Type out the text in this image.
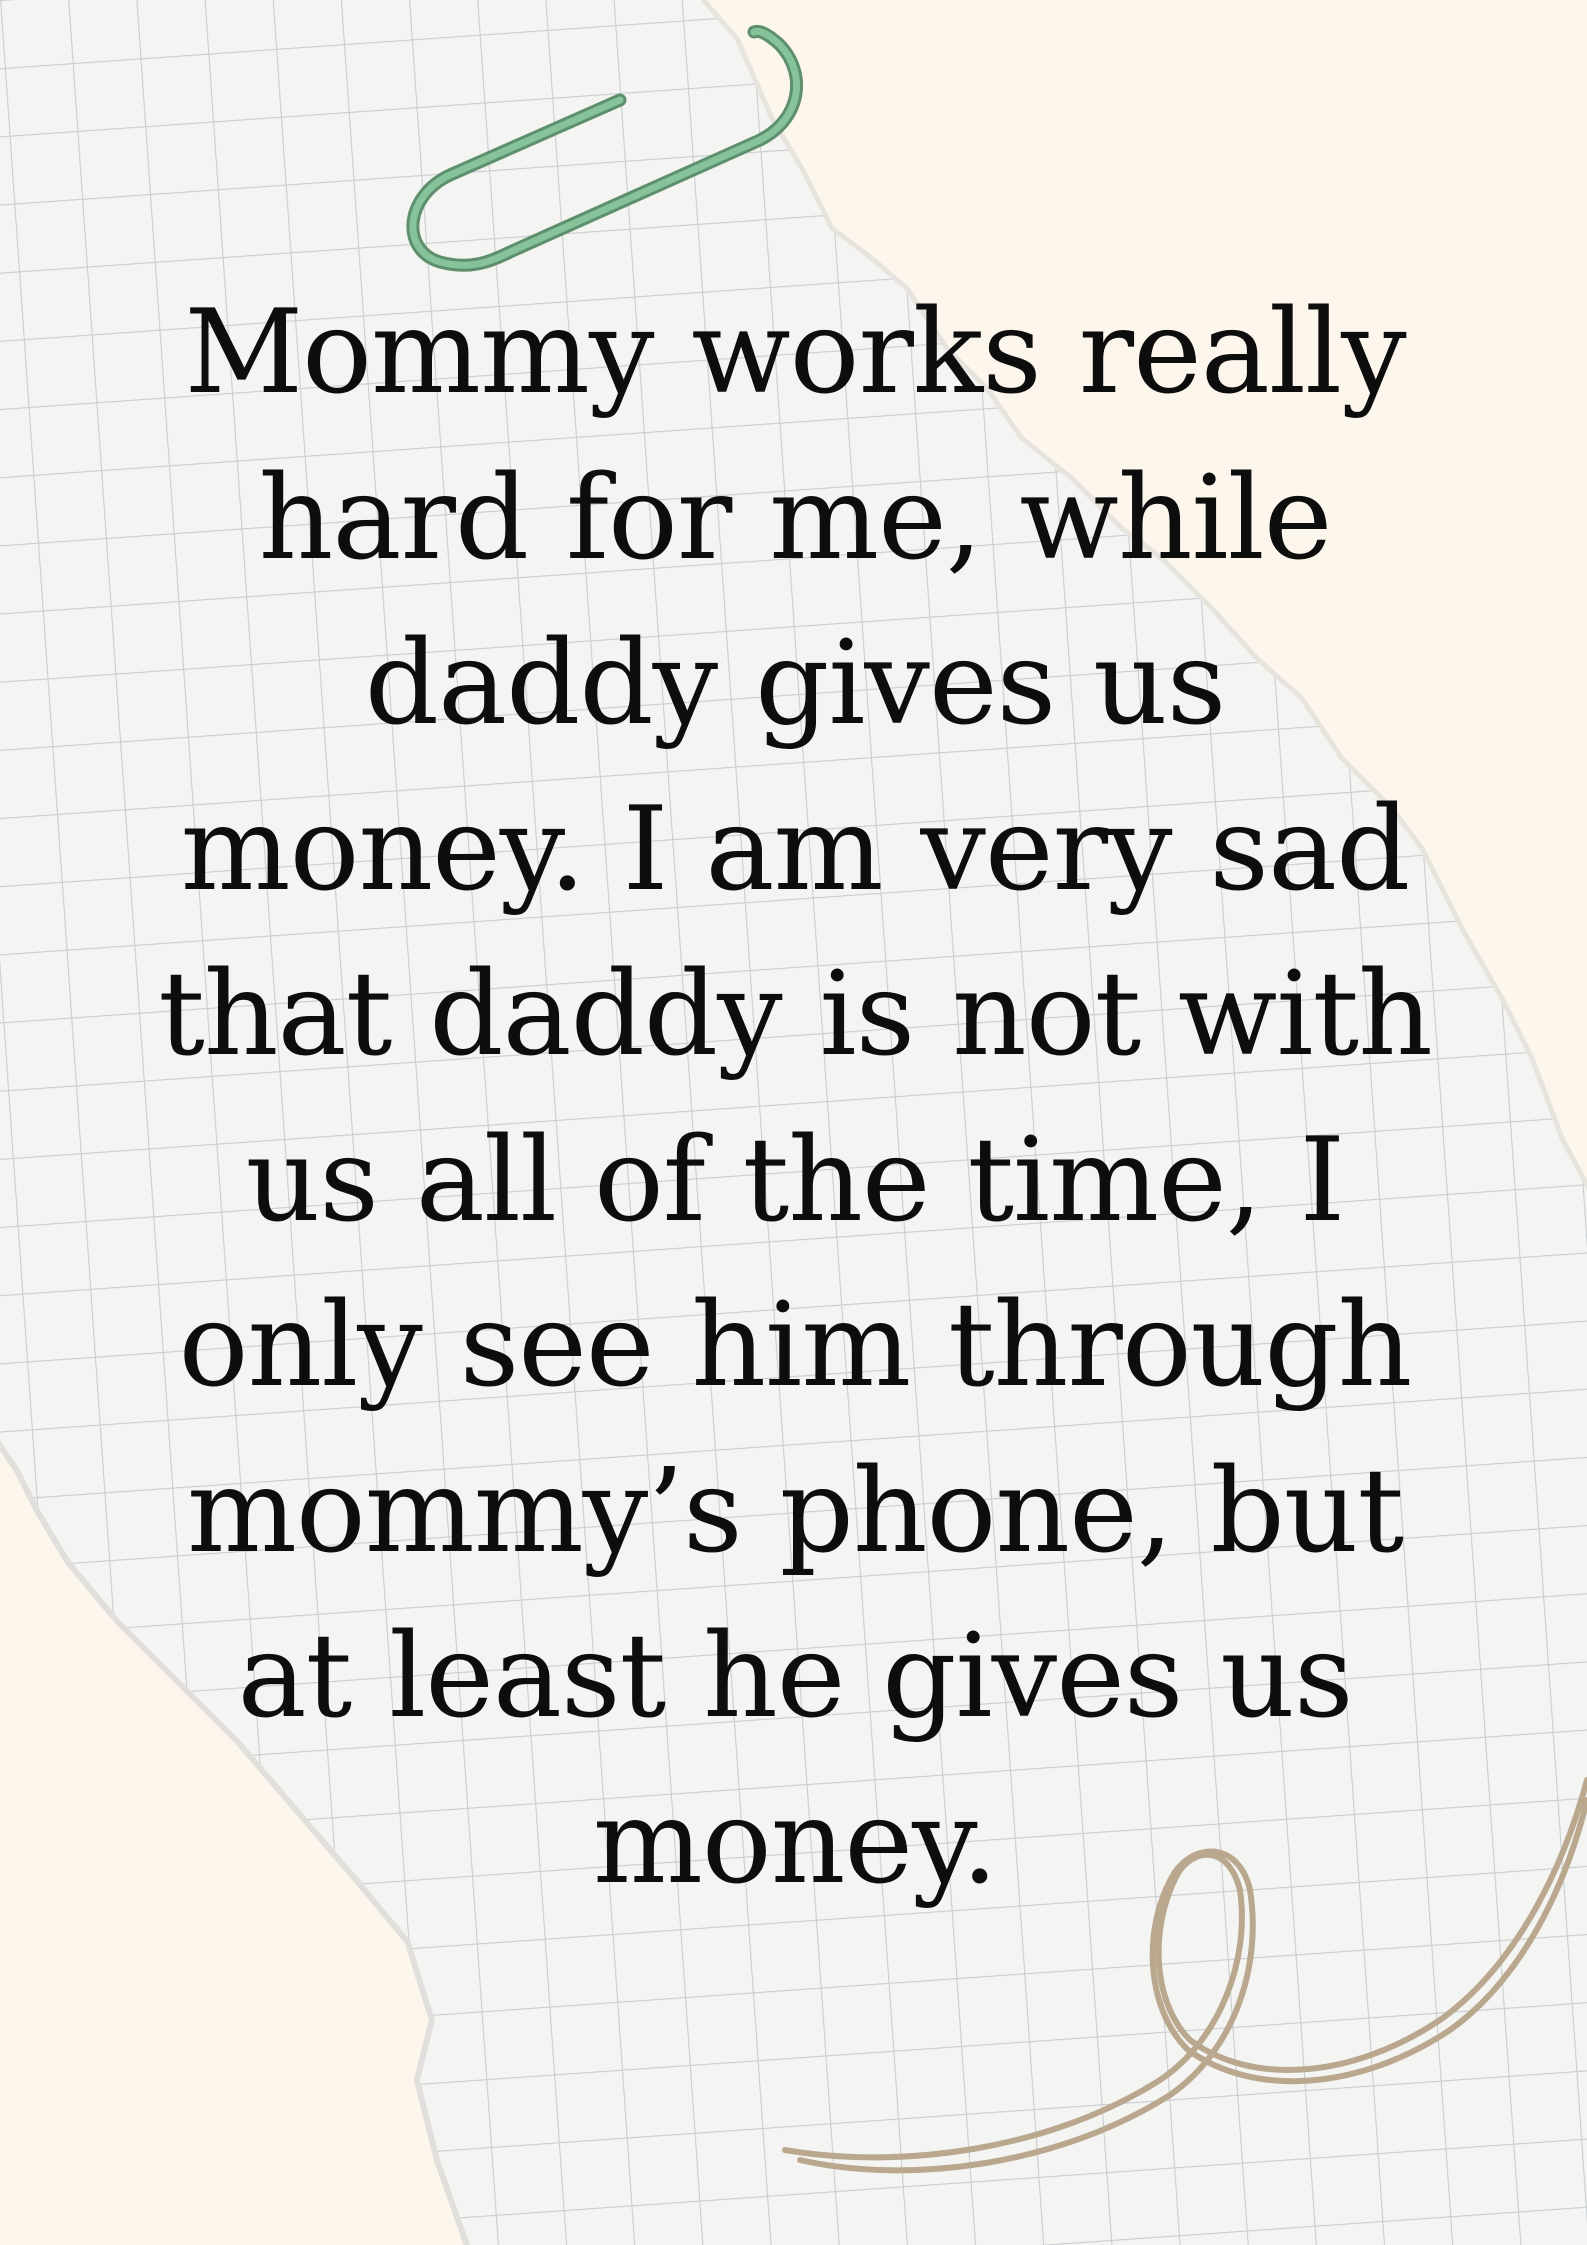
Mommy works really
hard for me, while
daddy gives us
money. I am very sad
that daddy is not with
us all of the time, I
only see him through
mommy’s phone, but
at least he gives us
money.
